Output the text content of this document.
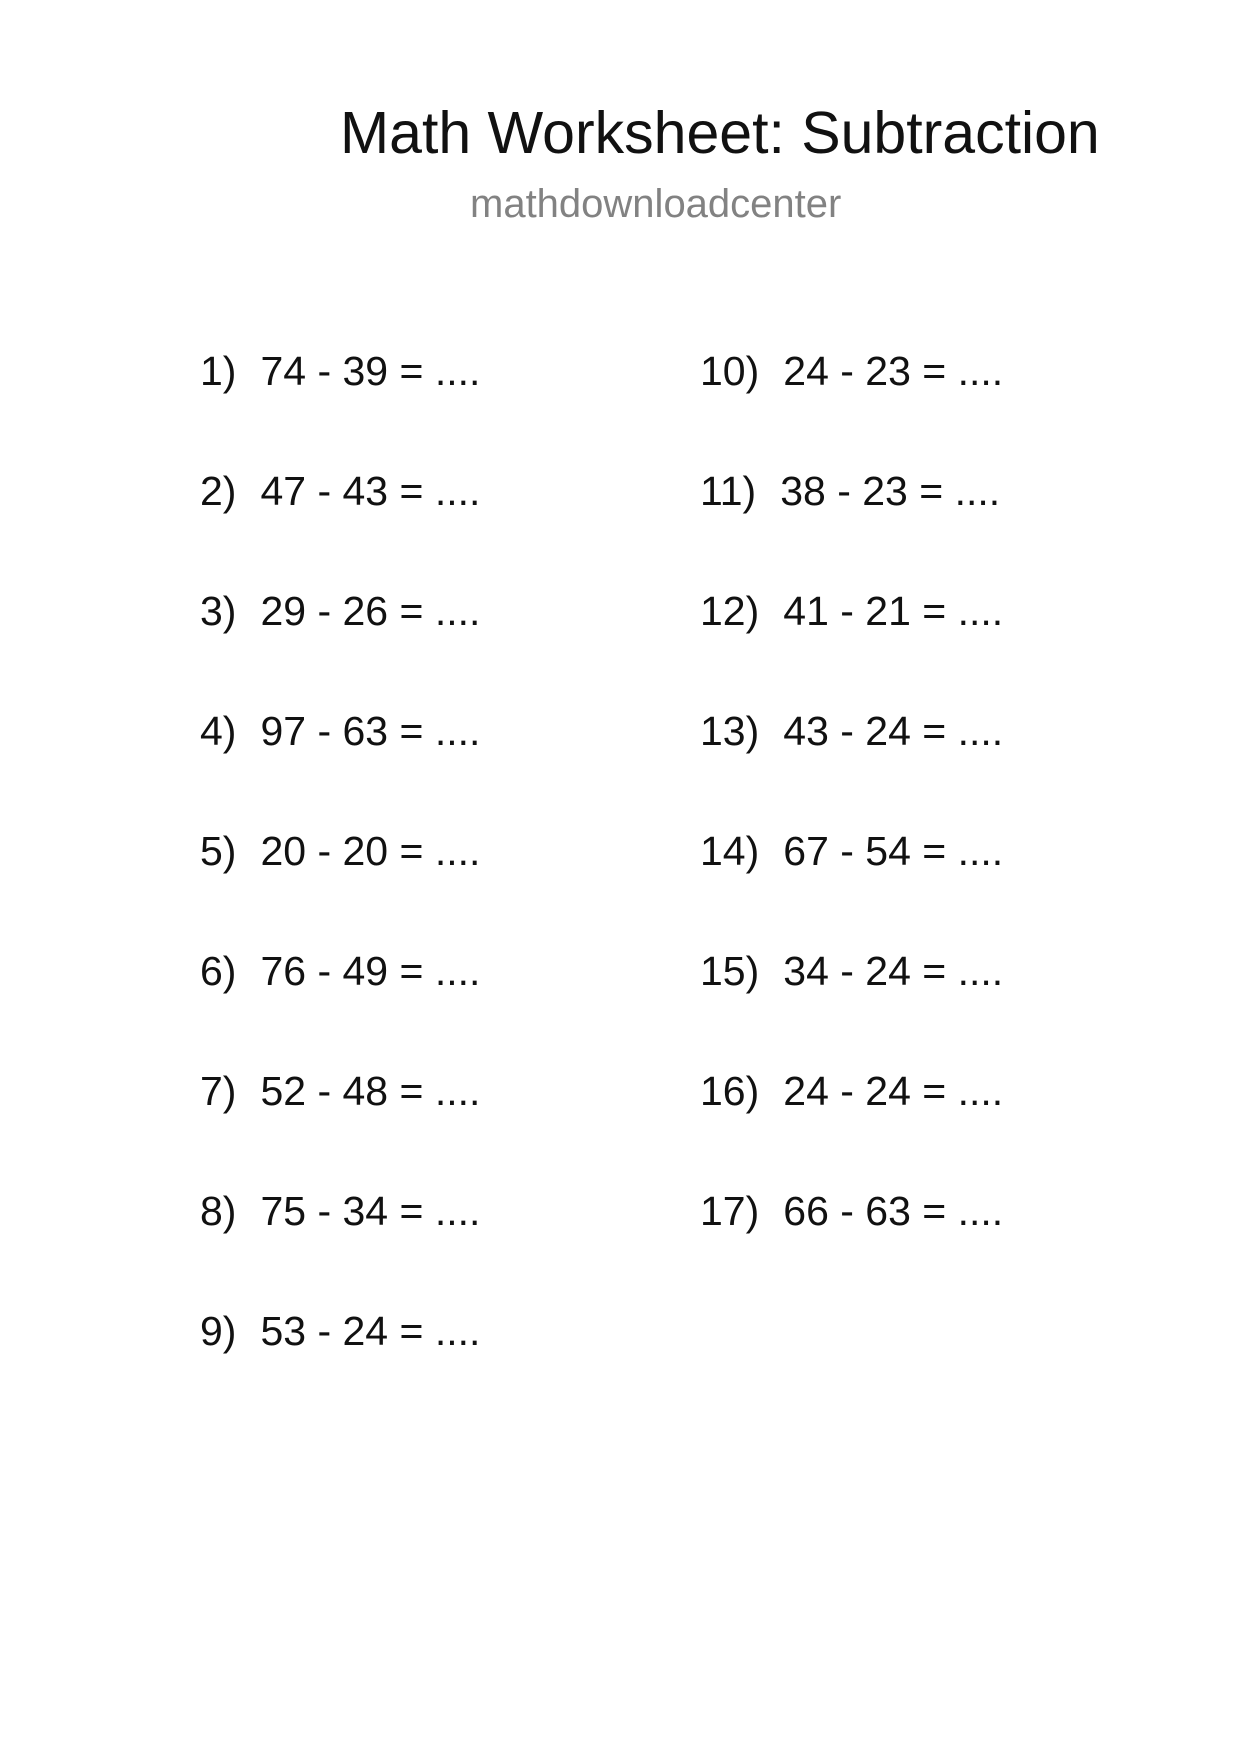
Math Worksheet: Subtraction
mathdownloadcenter
1) 74 - 39 = ....
2) 47 - 43 = ....
3) 29 - 26 = ....
4) 97 - 63 = ....
5) 20 - 20 = ....
6) 76 - 49 = ....
7) 52 - 48 = ....
8) 75 - 34 = ....
9) 53 - 24 = ....
10) 24 - 23 = ....
11) 38 - 23 = ....
12) 41 - 21 = ....
13) 43 - 24 = ....
14) 67 - 54 = ....
15) 34 - 24 = ....
16) 24 - 24 = ....
17) 66 - 63 = ....
